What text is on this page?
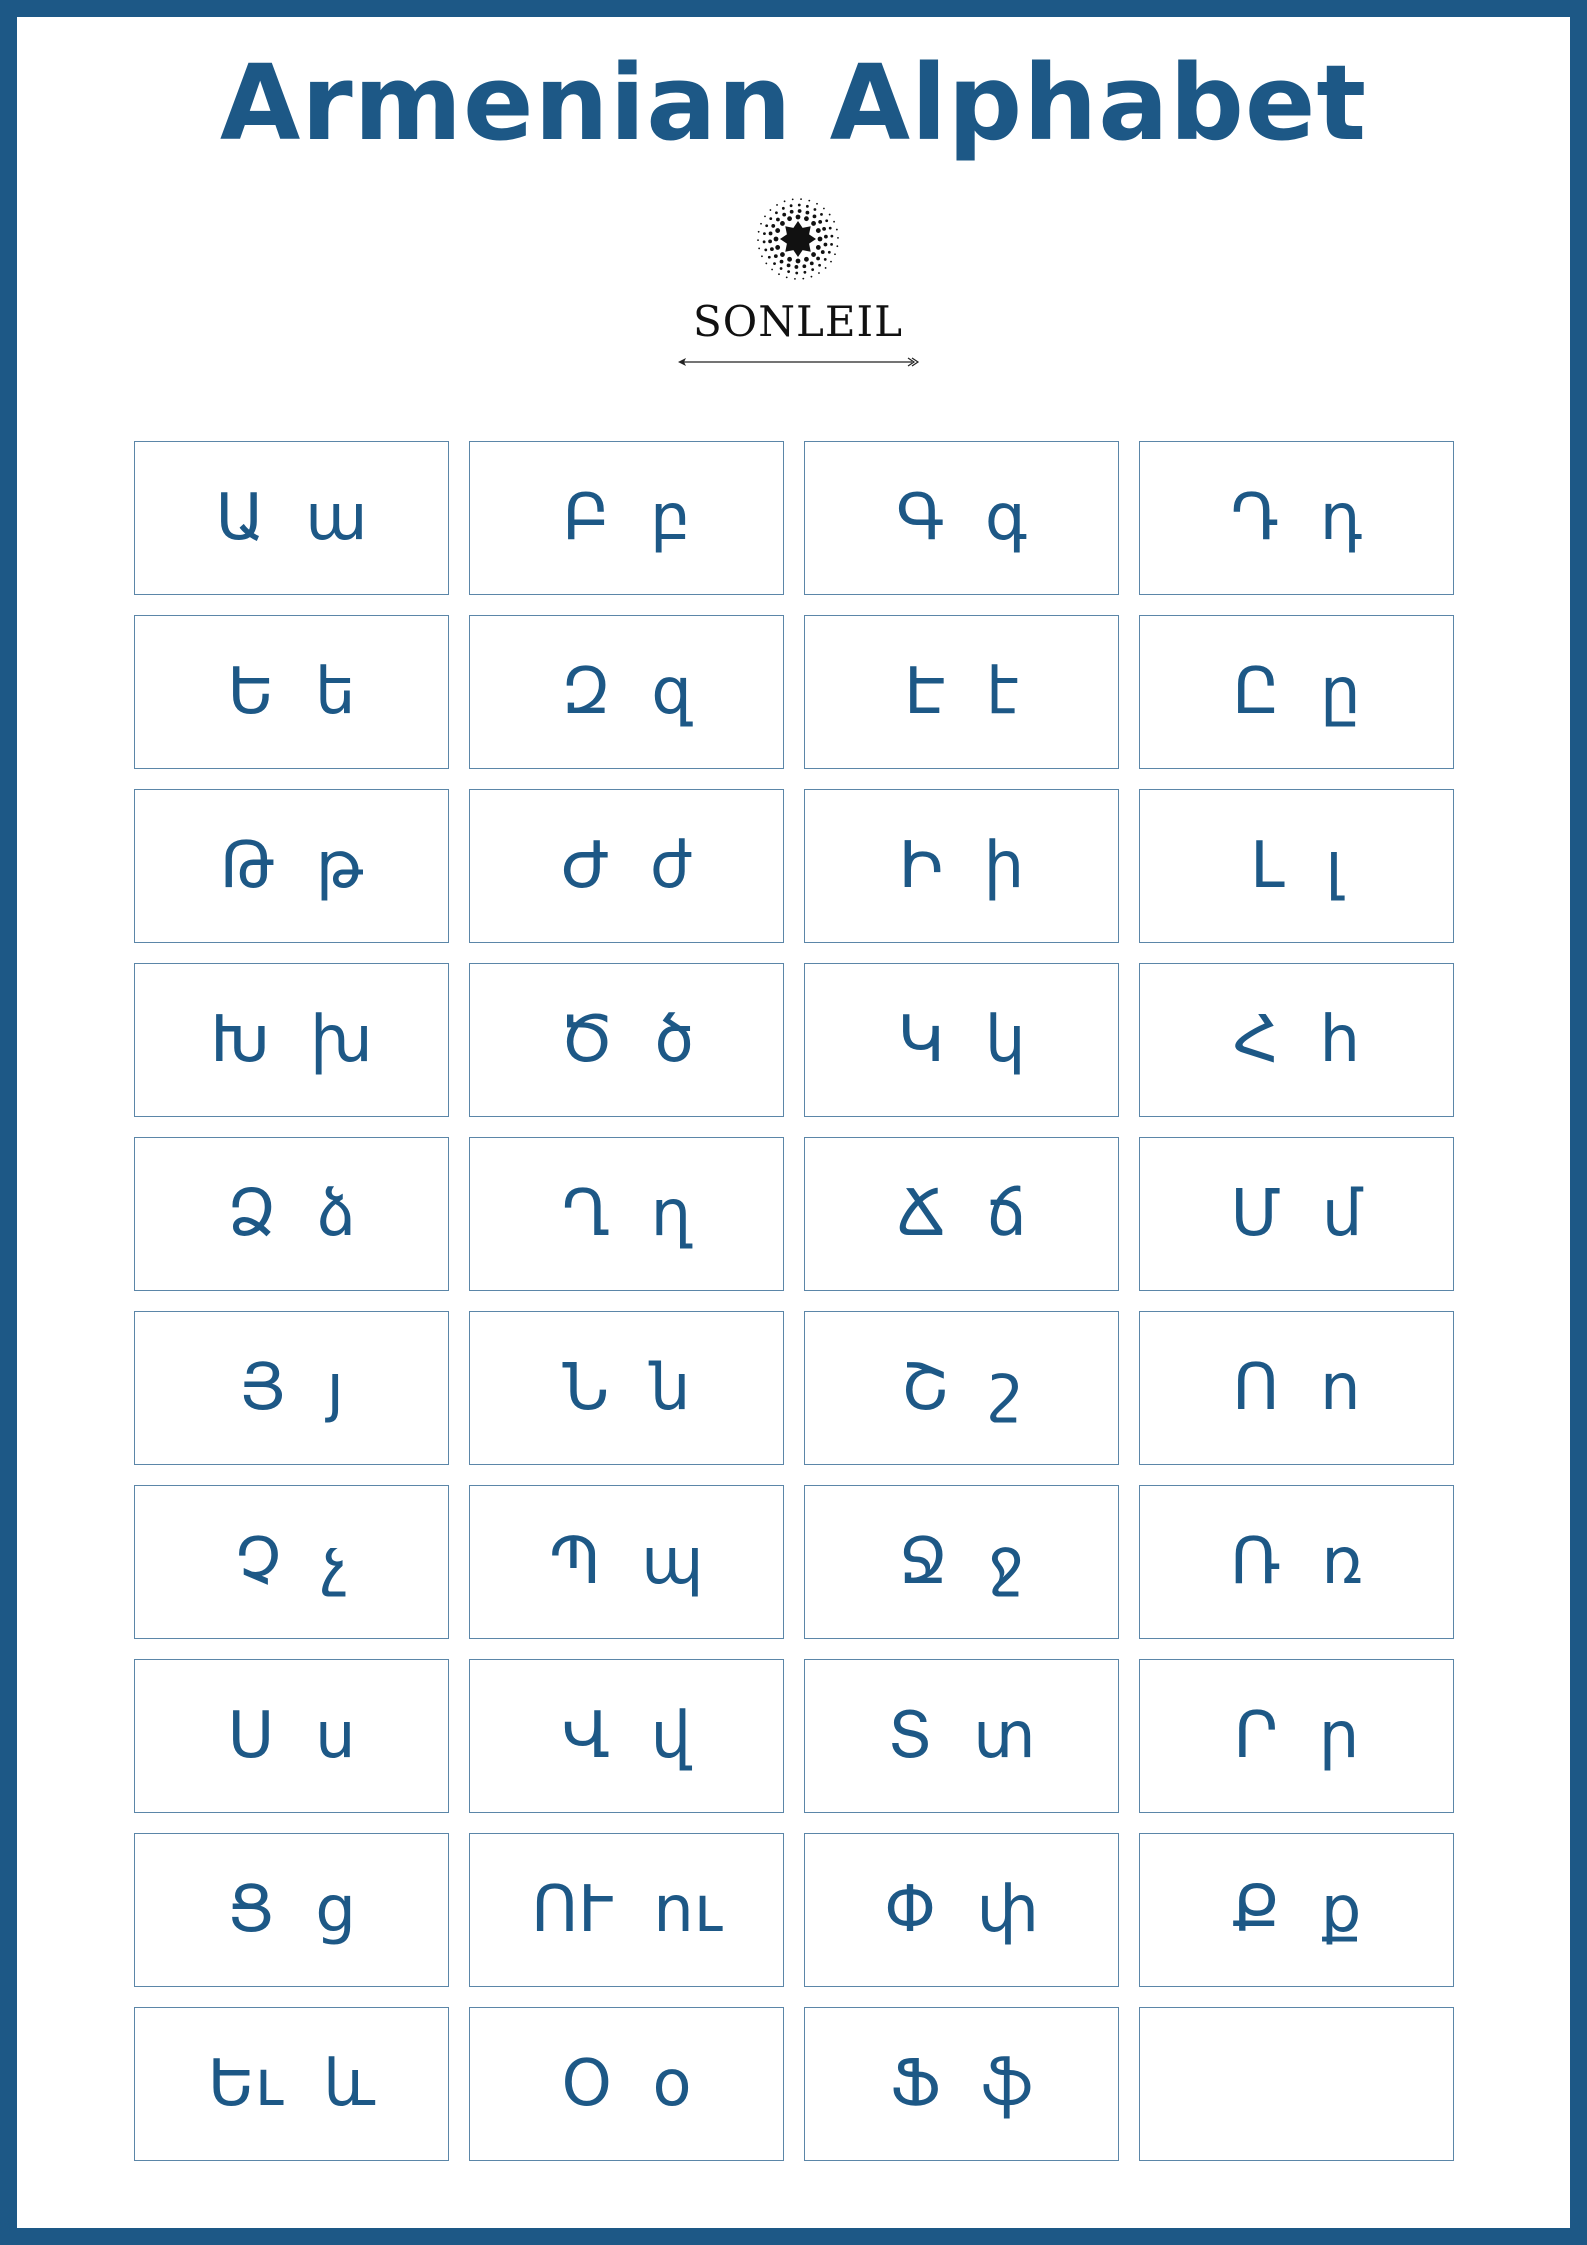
Armenian Alphabet
SONLEIL
Ա  ա	Բ  բ	Գ  գ	Դ  դ
Ե  ե	Զ  զ	Է  է	Ը  ը
Թ  թ	Ժ  ժ	Ի  ի	Լ  լ
Խ  խ	Ծ  ծ	Կ  կ	Հ  հ
Ձ  ձ	Ղ  ղ	Ճ  ճ	Մ  մ
Յ  յ	Ն  ն	Շ  շ	Ո  ո
Չ  չ	Պ  պ	Ջ  ջ	Ռ  ռ
Ս  ս	Վ  վ	Տ  տ	Ր  ր
Ց  ց	ՈՒ  ու	Փ  փ	Ք  ք
Եւ  և	Օ  օ	Ֆ  ֆ
